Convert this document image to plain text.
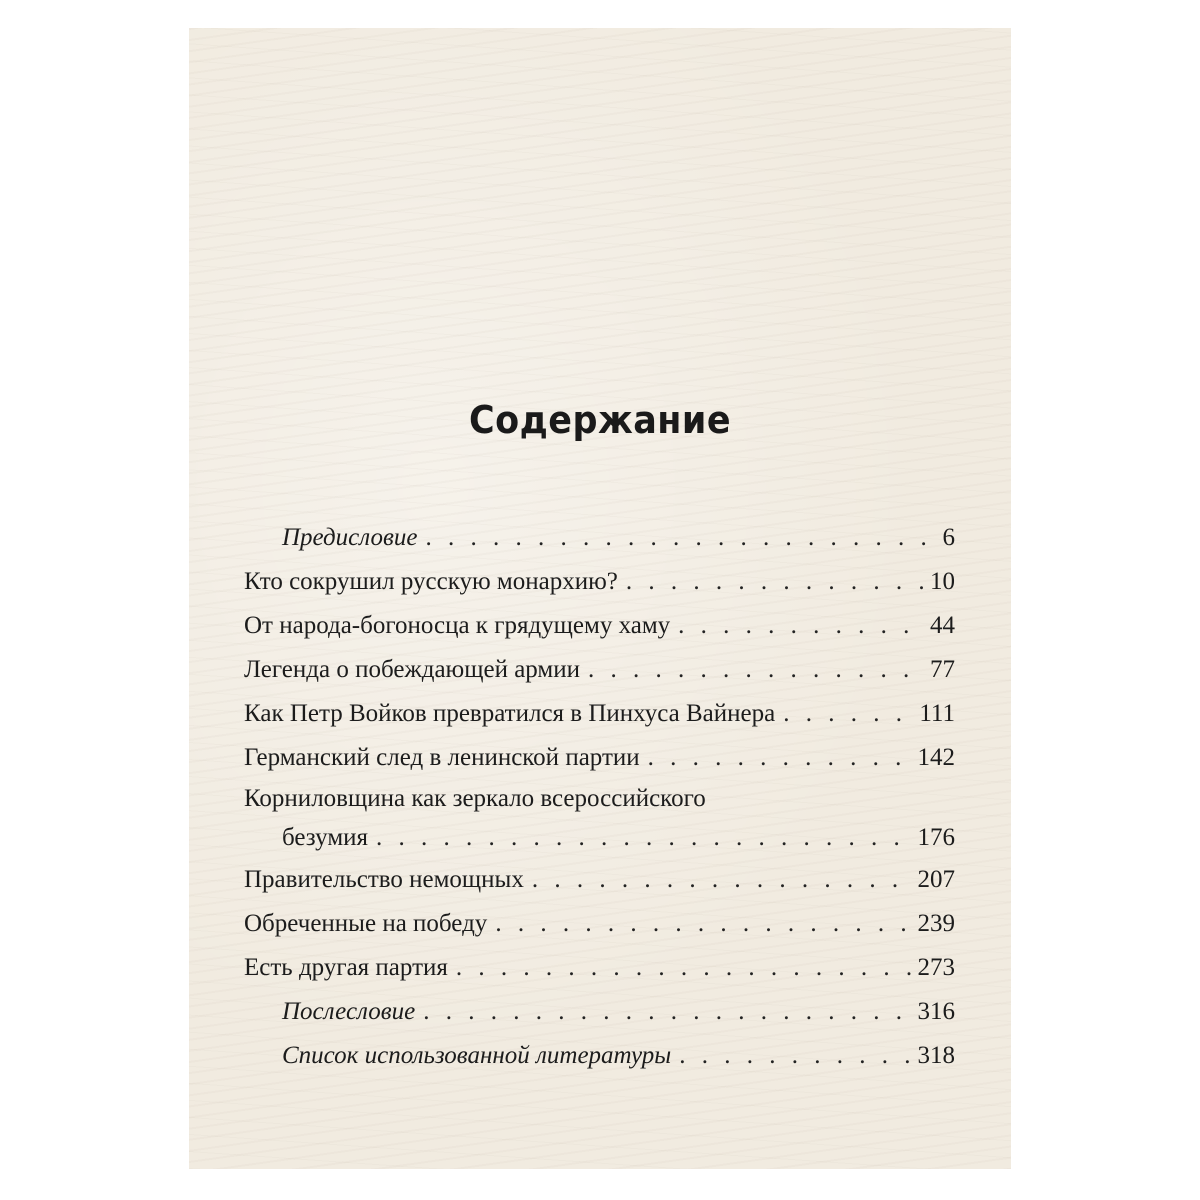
Содержание
Предисловие . . .	6
Кто сокрушил русскую монархию? . . .	10
От народа-богоносца к грядущему хаму . . .	44
Легенда о побеждающей армии . . .	77
Как Петр Войков превратился в Пинхуса Вайнера . . .	111
Германский след в ленинской партии . . .	142
Корниловщина как зеркало всероссийского
безумия . . .	176
Правительство немощных . . .	207
Обреченные на победу . . .	239
Есть другая партия . . .	273
Послесловие . . .	316
Список использованной литературы . . .	318
